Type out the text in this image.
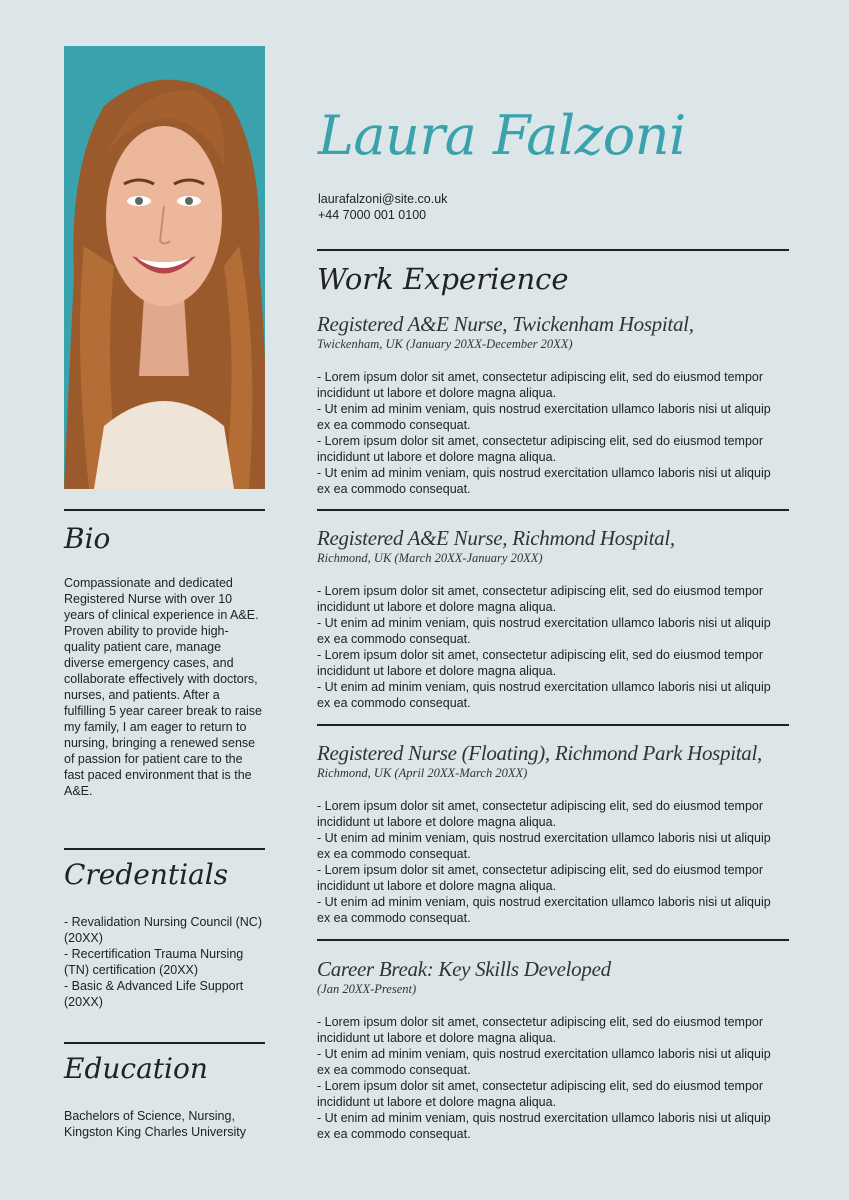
Laura Falzoni
laurafalzoni@site.co.uk
+44 7000 001 0100
Bio
Compassionate and dedicated Registered Nurse with over 10 years of clinical experience in A&E. Proven ability to provide high-quality patient care, manage diverse emergency cases, and collaborate effectively with doctors, nurses, and patients. After a fulfilling 5 year career break to raise my family, I am eager to return to nursing, bringing a renewed sense of passion for patient care to the fast paced environment that is the A&E.
Credentials
- Revalidation Nursing Council (NC) (20XX)
- Recertification Trauma Nursing (TN) certification (20XX)
- Basic & Advanced Life Support (20XX)
Education
Bachelors of Science, Nursing, Kingston King Charles University
Work Experience
Registered A&E Nurse, Twickenham Hospital,
Twickenham, UK (January 20XX-December 20XX)
- Lorem ipsum dolor sit amet, consectetur adipiscing elit, sed do eiusmod tempor incididunt ut labore et dolore magna aliqua.
- Ut enim ad minim veniam, quis nostrud exercitation ullamco laboris nisi ut aliquip ex ea commodo consequat.
- Lorem ipsum dolor sit amet, consectetur adipiscing elit, sed do eiusmod tempor incididunt ut labore et dolore magna aliqua.
- Ut enim ad minim veniam, quis nostrud exercitation ullamco laboris nisi ut aliquip ex ea commodo consequat.
Registered A&E Nurse, Richmond Hospital,
Richmond, UK (March 20XX-January 20XX)
- Lorem ipsum dolor sit amet, consectetur adipiscing elit, sed do eiusmod tempor incididunt ut labore et dolore magna aliqua.
- Ut enim ad minim veniam, quis nostrud exercitation ullamco laboris nisi ut aliquip ex ea commodo consequat.
- Lorem ipsum dolor sit amet, consectetur adipiscing elit, sed do eiusmod tempor incididunt ut labore et dolore magna aliqua.
- Ut enim ad minim veniam, quis nostrud exercitation ullamco laboris nisi ut aliquip ex ea commodo consequat.
Registered Nurse (Floating), Richmond Park Hospital,
Richmond, UK (April 20XX-March 20XX)
- Lorem ipsum dolor sit amet, consectetur adipiscing elit, sed do eiusmod tempor incididunt ut labore et dolore magna aliqua.
- Ut enim ad minim veniam, quis nostrud exercitation ullamco laboris nisi ut aliquip ex ea commodo consequat.
- Lorem ipsum dolor sit amet, consectetur adipiscing elit, sed do eiusmod tempor incididunt ut labore et dolore magna aliqua.
- Ut enim ad minim veniam, quis nostrud exercitation ullamco laboris nisi ut aliquip ex ea commodo consequat.
Career Break: Key Skills Developed
(Jan 20XX-Present)
- Lorem ipsum dolor sit amet, consectetur adipiscing elit, sed do eiusmod tempor incididunt ut labore et dolore magna aliqua.
- Ut enim ad minim veniam, quis nostrud exercitation ullamco laboris nisi ut aliquip ex ea commodo consequat.
- Lorem ipsum dolor sit amet, consectetur adipiscing elit, sed do eiusmod tempor incididunt ut labore et dolore magna aliqua.
- Ut enim ad minim veniam, quis nostrud exercitation ullamco laboris nisi ut aliquip ex ea commodo consequat.
